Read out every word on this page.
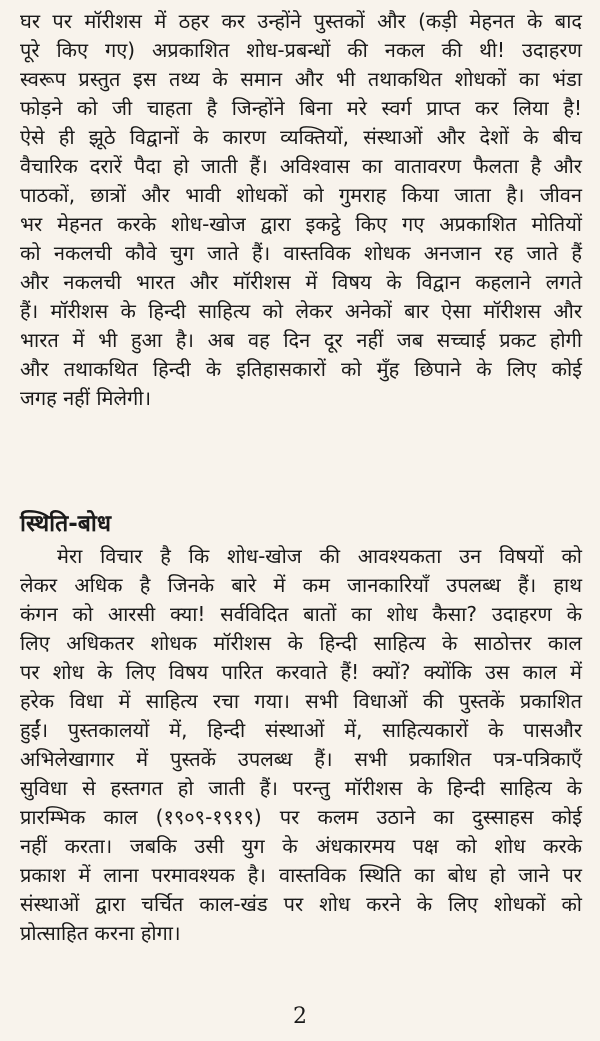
घर पर मॉरीशस में ठहर कर उन्होंने पुस्तकों और (कड़ी मेहनत के बाद
पूरे किए गए) अप्रकाशित शोध-प्रबन्धों की नकल की थी! उदाहरण
स्वरूप प्रस्तुत इस तथ्य के समान और भी तथाकथित शोधकों का भंडा
फोड़ने को जी चाहता है जिन्होंने बिना मरे स्वर्ग प्राप्त कर लिया है!
ऐसे ही झूठे विद्वानों के कारण व्यक्तियों, संस्थाओं और देशों के बीच
वैचारिक दरारें पैदा हो जाती हैं। अविश्वास का वातावरण फैलता है और
पाठकों, छात्रों और भावी शोधकों को गुमराह किया जाता है। जीवन
भर मेहनत करके शोध-खोज द्वारा इकट्ठे किए गए अप्रकाशित मोतियों
को नकलची कौवे चुग जाते हैं। वास्तविक शोधक अनजान रह जाते हैं
और नकलची भारत और मॉरीशस में विषय के विद्वान कहलाने लगते
हैं। मॉरीशस के हिन्दी साहित्य को लेकर अनेकों बार ऐसा मॉरीशस और
भारत में भी हुआ है। अब वह दिन दूर नहीं जब सच्चाई प्रकट होगी
और तथाकथित हिन्दी के इतिहासकारों को मुँह छिपाने के लिए कोई
जगह नहीं मिलेगी।
स्थिति-बोध
मेरा विचार है कि शोध-खोज की आवश्यकता उन विषयों को
लेकर अधिक है जिनके बारे में कम जानकारियाँ उपलब्ध हैं। हाथ
कंगन को आरसी क्या! सर्वविदित बातों का शोध कैसा? उदाहरण के
लिए अधिकतर शोधक मॉरीशस के हिन्दी साहित्य के साठोत्तर काल
पर शोध के लिए विषय पारित करवाते हैं! क्यों? क्योंकि उस काल में
हरेक विधा में साहित्य रचा गया। सभी विधाओं की पुस्तकें प्रकाशित
हुईं। पुस्तकालयों में, हिन्दी संस्थाओं में, साहित्यकारों के पासऔर
अभिलेखागार में पुस्तकें उपलब्ध हैं। सभी प्रकाशित पत्र-पत्रिकाएँ
सुविधा से हस्तगत हो जाती हैं। परन्तु मॉरीशस के हिन्दी साहित्य के
प्रारम्भिक काल (१९०९-१९१९) पर कलम उठाने का दुस्साहस कोई
नहीं करता। जबकि उसी युग के अंधकारमय पक्ष को शोध करके
प्रकाश में लाना परमावश्यक है। वास्तविक स्थिति का बोध हो जाने पर
संस्थाओं द्वारा चर्चित काल-खंड पर शोध करने के लिए शोधकों को
प्रोत्साहित करना होगा।
2
